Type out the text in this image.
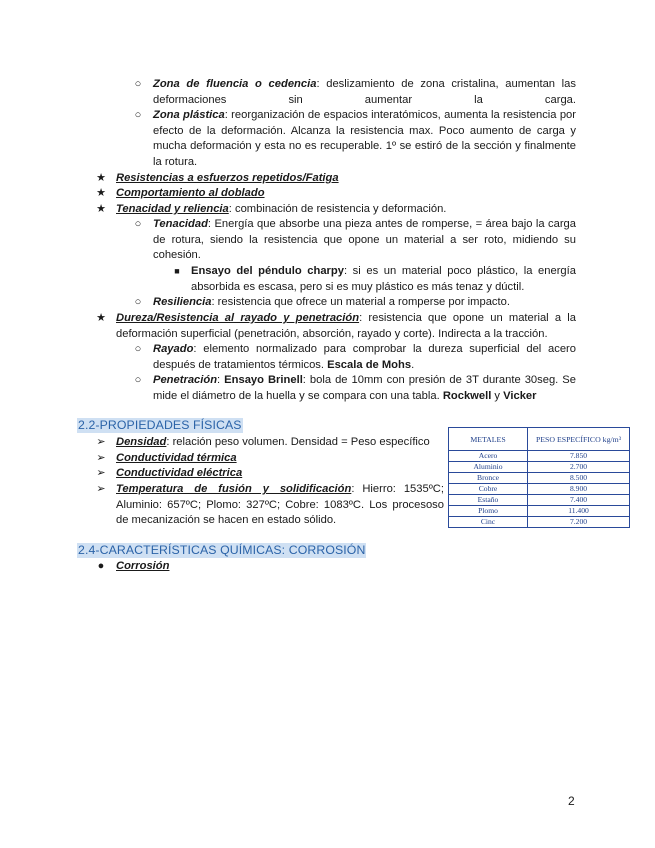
○	Zona de fluencia o cedencia: deslizamiento de zona cristalina, aumentan las deformaciones sin aumentar la carga.
○	Zona plástica: reorganización de espacios interatómicos, aumenta la resistencia por efecto de la deformación. Alcanza la resistencia max. Poco aumento de carga y mucha deformación y esta no es recuperable. 1º se estiró de la sección y finalmente la rotura.
★ Resistencias a esfuerzos repetidos/Fatiga
★ Comportamiento al doblado
★ Tenacidad y reliencia: combinación de resistencia y deformación.
○	Tenacidad: Energía que absorbe una pieza antes de romperse, = área bajo la carga de rotura, siendo la resistencia que opone un material a ser roto, midiendo su cohesión.
■	Ensayo del péndulo charpy: si es un material poco plástico, la energía absorbida es escasa, pero si es muy plástico es más tenaz y dúctil.
○	Resiliencia: resistencia que ofrece un material a romperse por impacto.
★ Dureza/Resistencia al rayado y penetración: resistencia que opone un material a la deformación superficial (penetración, absorción, rayado y corte). Indirecta a la tracción.
○	Rayado: elemento normalizado para comprobar la dureza superficial del acero después de tratamientos térmicos. Escala de Mohs.
○	Penetración: Ensayo Brinell: bola de 10mm con presión de 3T durante 30seg. Se mide el diámetro de la huella y se compara con una tabla. Rockwell y Vicker
2.2-PROPIEDADES FÍSICAS
➢ Densidad: relación peso volumen. Densidad = Peso específico
➢ Conductividad térmica
➢ Conductividad eléctrica
➢ Temperatura de fusión y solidificación: Hierro: 1535ºC; Aluminio: 657ºC; Plomo: 327ºC; Cobre: 1083ºC. Los procesoso de mecanización se hacen en estado sólido.
METALES	PESO ESPECÍFICO kg/m³
Acero	7.850
Aluminio	2.700
Bronce	8.500
Cobre	8.900
Estaño	7.400
Plomo	11.400
Cinc	7.200
2.4-CARACTERÍSTICAS QUÍMICAS: CORROSIÓN
●	Corrosión
2
